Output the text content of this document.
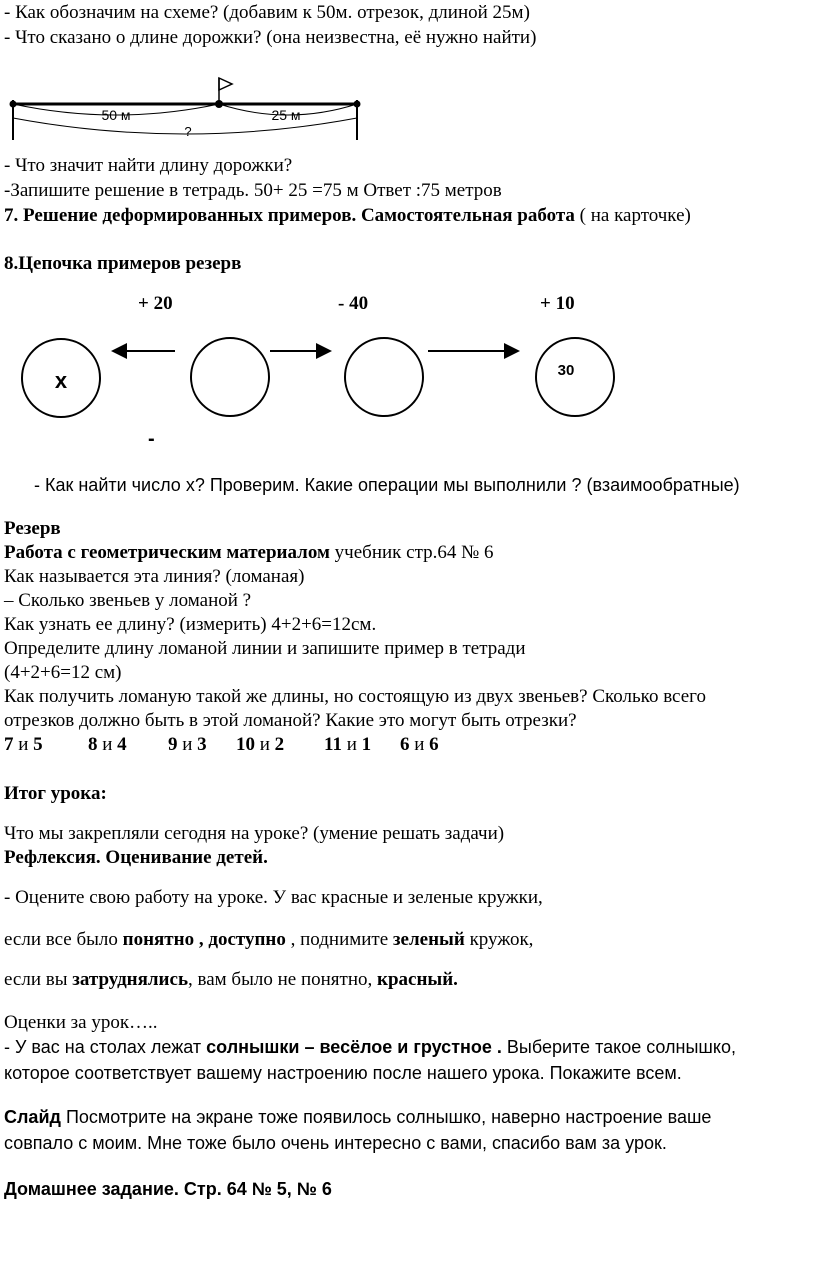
- Как обозначим на схеме? (добавим к 50м. отрезок, длиной 25м)
- Что сказано о длине дорожки? (она неизвестна, её нужно найти)
50 м	25 м
?
- Что значит найти длину дорожки?
-Запишите решение в тетрадь. 50+ 25 =75 м Ответ :75 метров
7. Решение деформированных примеров. Самостоятельная работа ( на карточке)
8.Цепочка примеров резерв
+ 20	- 40	+ 10
x	30
-
- Как найти число х? Проверим. Какие операции мы выполнили ? (взаимообратные)
Резерв
Работа с геометрическим материалом учебник стр.64 № 6
Как называется эта линия? (ломаная)
– Сколько звеньев у ломаной ?
Как узнать ее длину? (измерить) 4+2+6=12см.
Определите длину ломаной линии и запишите пример в тетради
(4+2+6=12 см)
Как получить ломаную такой же длины, но состоящую из двух звеньев? Сколько всего
отрезков должно быть в этой ломаной? Какие это могут быть отрезки?
7 и 5 8 и 4 9 и 3 10 и 2 11 и 1 6 и 6
Итог урока:
Что мы закрепляли сегодня на уроке? (умение решать задачи)
Рефлексия. Оценивание детей.
- Оцените свою работу на уроке. У вас красные и зеленые кружки,
если все было понятно , доступно , поднимите зеленый кружок,
если вы затруднялись, вам было не понятно, красный.
Оценки за урок…..
- У вас на столах лежат солнышки – весёлое и грустное . Выберите такое солнышко,
которое соответствует вашему настроению после нашего урока. Покажите всем.
Слайд Посмотрите на экране тоже появилось солнышко, наверно настроение ваше
совпало с моим. Мне тоже было очень интересно с вами, спасибо вам за урок.
Домашнее задание. Стр. 64 № 5, № 6
